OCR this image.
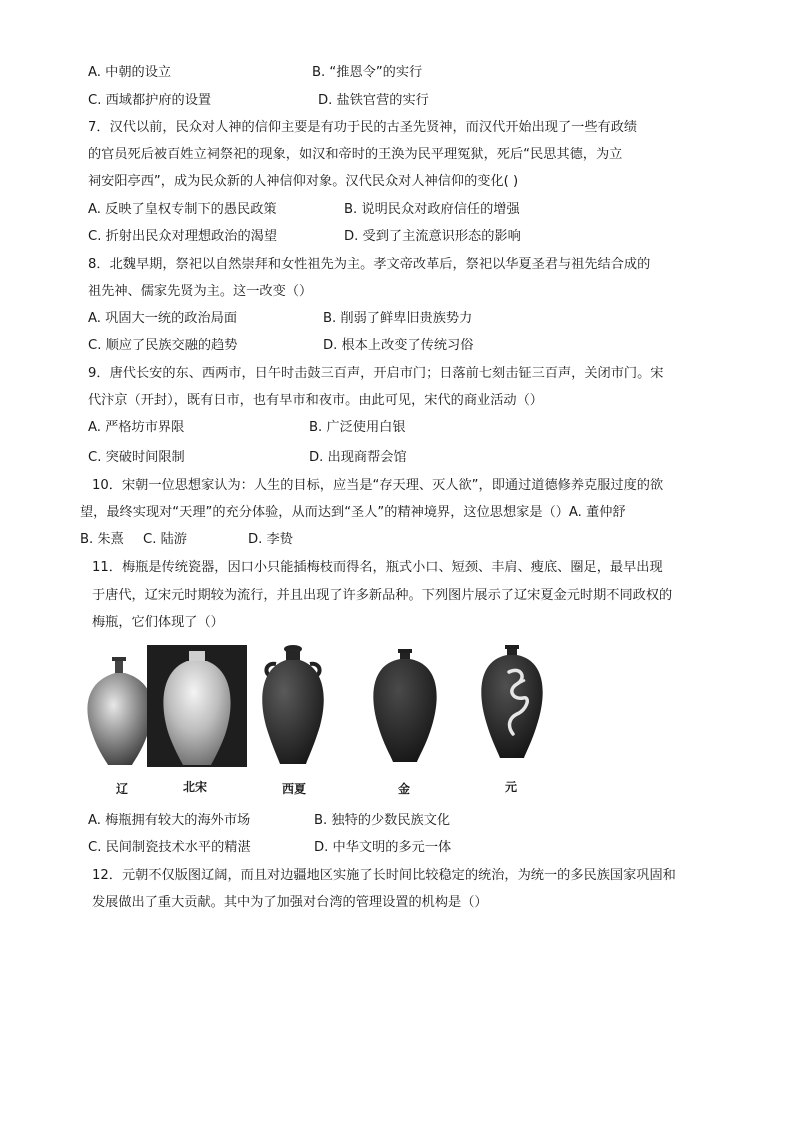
A. 中朝的设立	B. “推恩令”的实行
C. 西域都护府的设置	D. 盐铁官营的实行
7．汉代以前，民众对人神的信仰主要是有功于民的古圣先贤神，而汉代开始出现了一些有政绩
的官员死后被百姓立祠祭祀的现象，如汉和帝时的王涣为民平理冤狱，死后“民思其德，为立
祠安阳亭西”，成为民众新的人神信仰对象。汉代民众对人神信仰的变化( )
A. 反映了皇权专制下的愚民政策	B. 说明民众对政府信任的增强
C. 折射出民众对理想政治的渴望	D. 受到了主流意识形态的影响
8．北魏早期，祭祀以自然崇拜和女性祖先为主。孝文帝改革后，祭祀以华夏圣君与祖先结合成的
祖先神、儒家先贤为主。这一改变（）
A. 巩固大一统的政治局面	B. 削弱了鲜卑旧贵族势力
C. 顺应了民族交融的趋势	D. 根本上改变了传统习俗
9．唐代长安的东、西两市，日午时击鼓三百声，开启市门；日落前七刻击钲三百声，关闭市门。宋
代汴京（开封），既有日市，也有早市和夜市。由此可见，宋代的商业活动（）
A. 严格坊市界限	B. 广泛使用白银
C. 突破时间限制	D. 出现商帮会馆
10．宋朝一位思想家认为：人生的目标，应当是“存天理、灭人欲”，即通过道德修养克服过度的欲
望，最终实现对“天理”的充分体验，从而达到“圣人”的精神境界，这位思想家是（）A. 董仲舒
B. 朱熹 C. 陆游	D. 李贽
11．梅瓶是传统瓷器，因口小只能插梅枝而得名，瓶式小口、短颈、丰肩、瘦底、圈足，最早出现
于唐代，辽宋元时期较为流行，并且出现了许多新品种。下列图片展示了辽宋夏金元时期不同政权的
梅瓶，它们体现了（）
辽	北宋	西夏	金	元
A. 梅瓶拥有较大的海外市场	B. 独特的少数民族文化
C. 民间制瓷技术水平的精湛	D. 中华文明的多元一体
12．元朝不仅版图辽阔，而且对边疆地区实施了长时间比较稳定的统治，为统一的多民族国家巩固和
发展做出了重大贡献。其中为了加强对台湾的管理设置的机构是（）
